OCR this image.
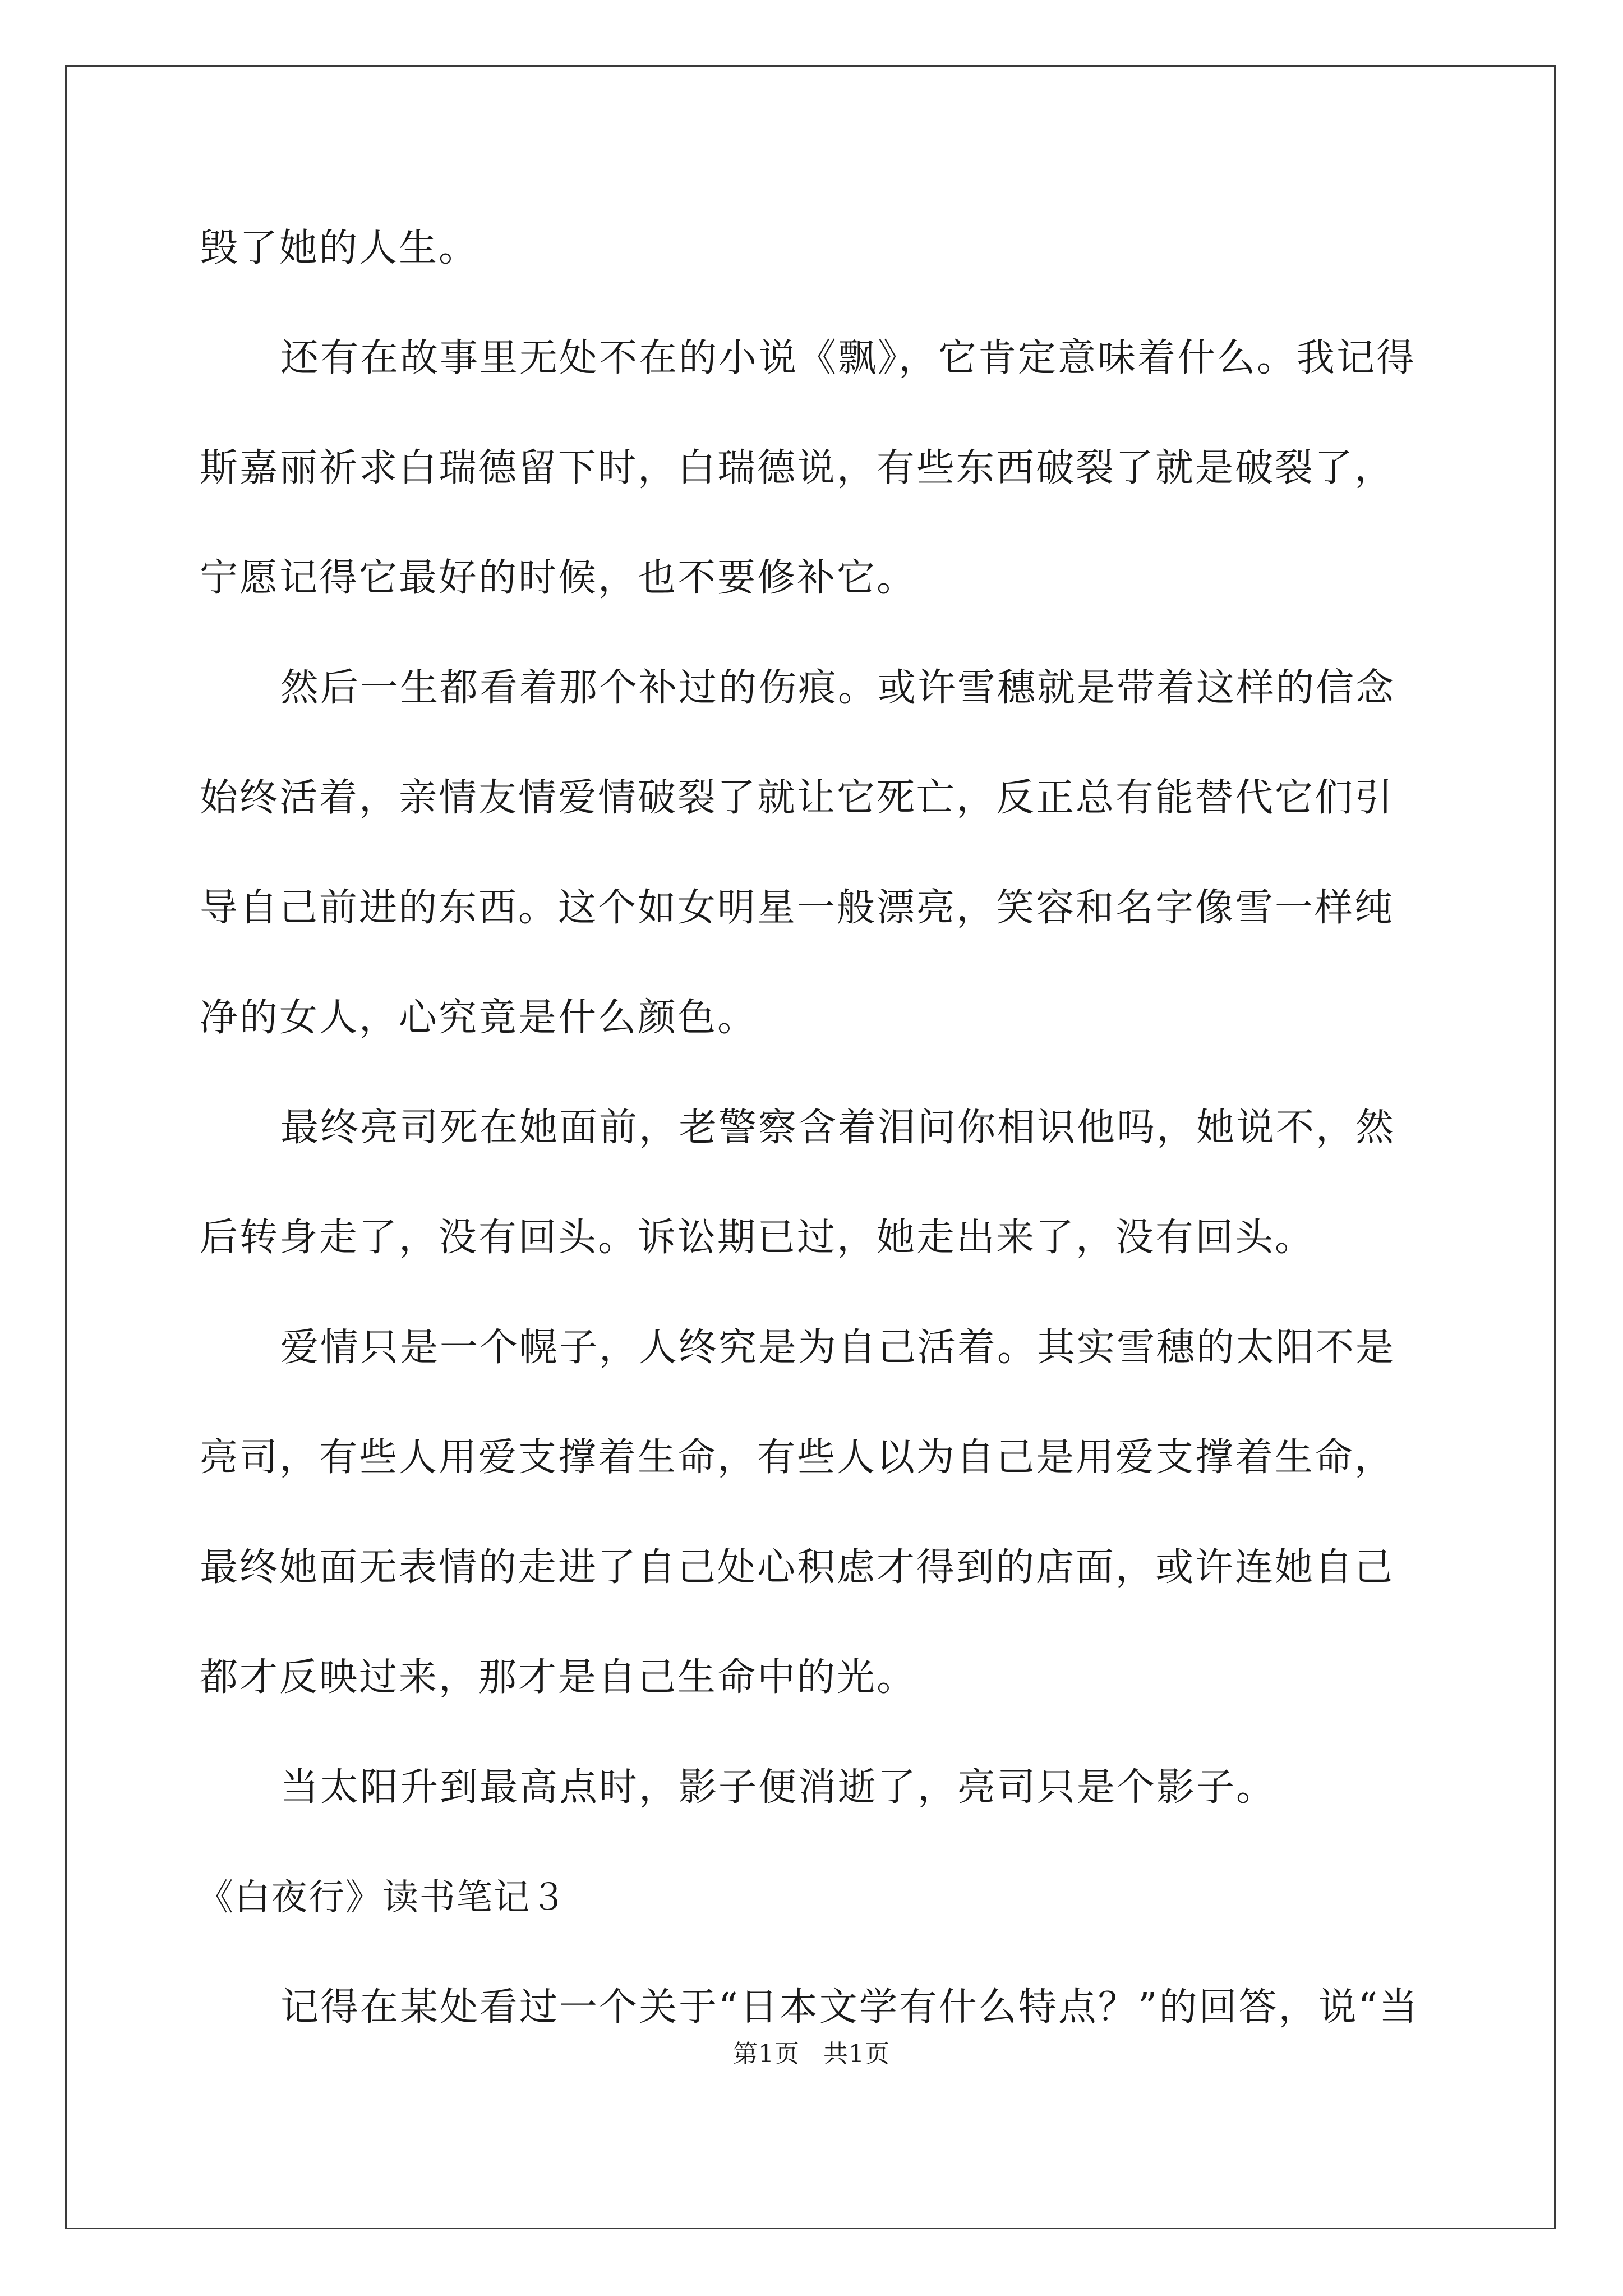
毁了她的人生。
还有在故事里无处不在的小说《飘》，它肯定意味着什么。我记得
斯嘉丽祈求白瑞德留下时，白瑞德说，有些东西破裂了就是破裂了，
宁愿记得它最好的时候，也不要修补它。
然后一生都看着那个补过的伤痕。或许雪穗就是带着这样的信念
始终活着，亲情友情爱情破裂了就让它死亡，反正总有能替代它们引
导自己前进的东西。这个如女明星一般漂亮，笑容和名字像雪一样纯
净的女人，心究竟是什么颜色。
最终亮司死在她面前，老警察含着泪问你相识他吗，她说不，然
后转身走了，没有回头。诉讼期已过，她走出来了，没有回头。
爱情只是一个幌子，人终究是为自己活着。其实雪穗的太阳不是
亮司，有些人用爱支撑着生命，有些人以为自己是用爱支撑着生命，
最终她面无表情的走进了自己处心积虑才得到的店面，或许连她自己
都才反映过来，那才是自己生命中的光。
当太阳升到最高点时，影子便消逝了，亮司只是个影子。
《白夜行》读书笔记３
记得在某处看过一个关于“日本文学有什么特点？”的回答，说“当
第1页 共1页
